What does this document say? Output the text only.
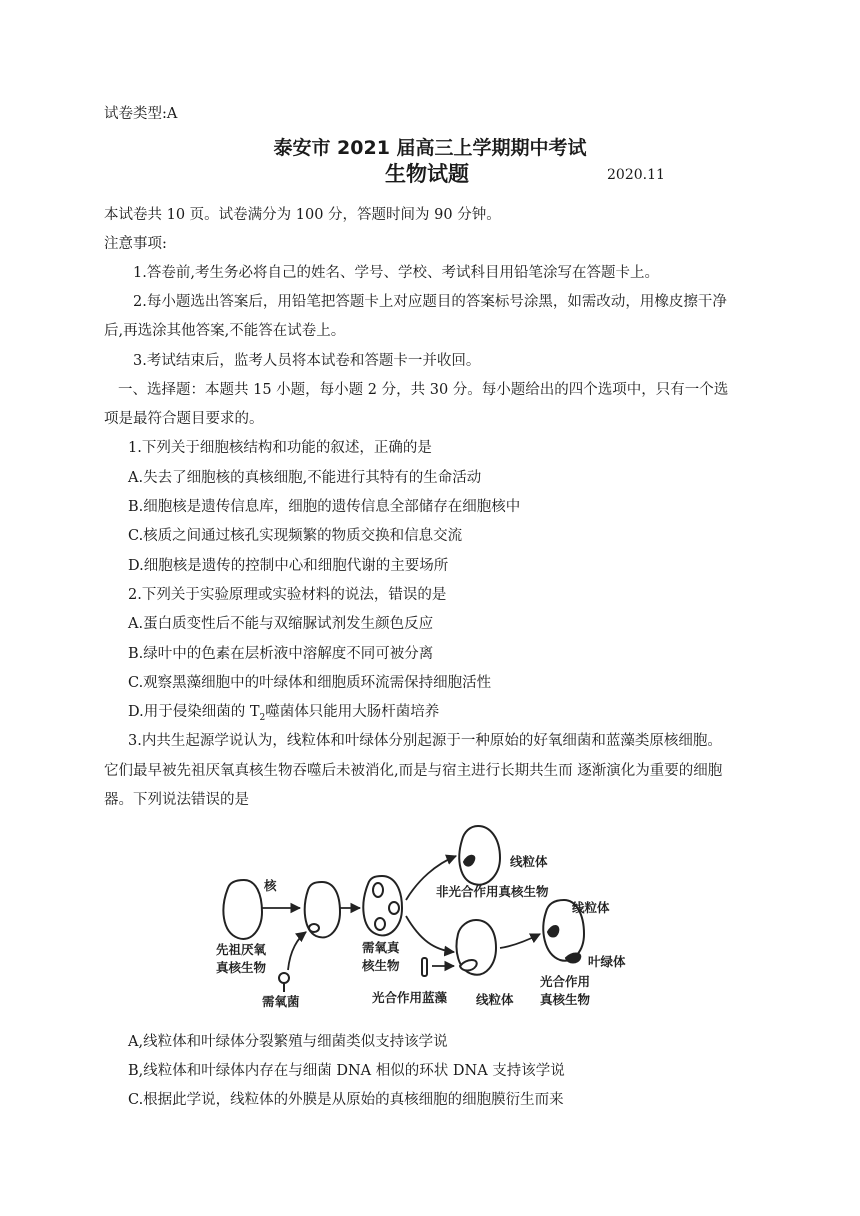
试卷类型:A
泰安市 2021 届高三上学期期中考试
生物试题	2020.11
本试卷共 10 页。试卷满分为 100 分，答题时间为 90 分钟。
注意事项:
1.答卷前,考生务必将自己的姓名、学号、学校、考试科目用铅笔涂写在答题卡上。
2.每小题选出答案后，用铅笔把答题卡上对应题目的答案标号涂黑，如需改动，用橡皮擦干净
后,再选涂其他答案,不能答在试卷上。
3.考试结束后，监考人员将本试卷和答题卡一并收回。
一、选择题：本题共 15 小题，每小题 2 分，共 30 分。每小题给出的四个选项中，只有一个选
项是最符合题目要求的。
1.下列关于细胞核结构和功能的叙述，正确的是
A.失去了细胞核的真核细胞,不能进行其特有的生命活动
B.细胞核是遗传信息库，细胞的遗传信息全部储存在细胞核中
C.核质之间通过核孔实现频繁的物质交换和信息交流
D.细胞核是遗传的控制中心和细胞代谢的主要场所
2.下列关于实验原理或实验材料的说法，错误的是
A.蛋白质变性后不能与双缩脲试剂发生颜色反应
B.绿叶中的色素在层析液中溶解度不同可被分离
C.观察黑藻细胞中的叶绿体和细胞质环流需保持细胞活性
D.用于侵染细菌的 $T_2$噬菌体只能用大肠杆菌培养
3.内共生起源学说认为，线粒体和叶绿体分别起源于一种原始的好氧细菌和蓝藻类原核细胞。
它们最早被先祖厌氧真核生物吞噬后未被消化,而是与宿主进行长期共生而 逐渐演化为重要的细胞
器。下列说法错误的是
核
先祖厌氧
真核生物
需氧菌
需氧真
核生物
线粒体
非光合作用真核生物
光合作用蓝藻 线粒体
线粒体
叶绿体
光合作用
真核生物
A,线粒体和叶绿体分裂繁殖与细菌类似支持该学说
B,线粒体和叶绿体内存在与细菌 DNA 相似的环状 DNA 支持该学说
C.根据此学说，线粒体的外膜是从原始的真核细胞的细胞膜衍生而来
